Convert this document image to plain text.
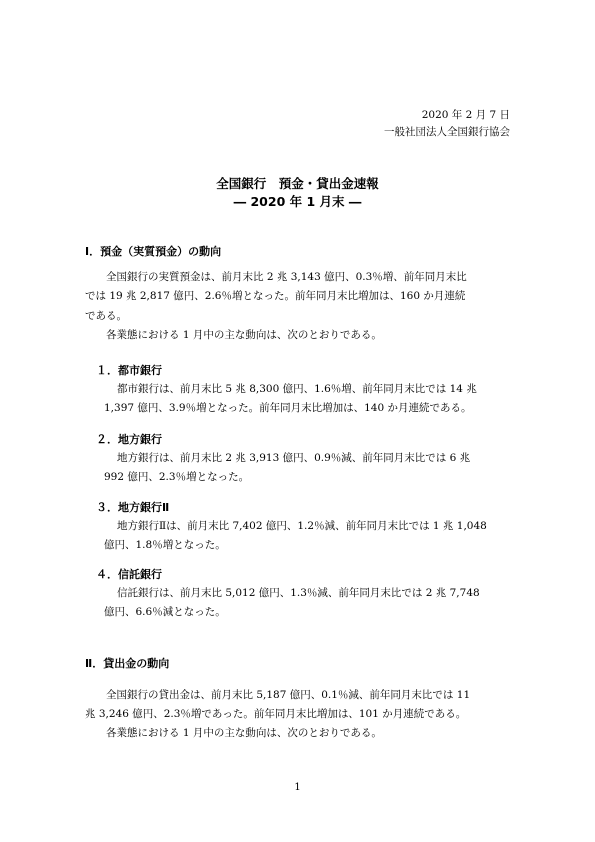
2020 年 2 月 7 日
一般社団法人全国銀行協会
全国銀行　預金・貸出金速報
― 2020 年 1 月末 ―
Ⅰ．預金（実質預金）の動向
全国銀行の実質預金は、前月末比 2 兆 3,143 億円、0.3％増、前年同月末比
では 19 兆 2,817 億円、2.6％増となった。前年同月末比増加は、160 か月連続
である。
各業態における 1 月中の主な動向は、次のとおりである。
１．都市銀行
都市銀行は、前月末比 5 兆 8,300 億円、1.6％増、前年同月末比では 14 兆
1,397 億円、3.9％増となった。前年同月末比増加は、140 か月連続である。
２．地方銀行
地方銀行は、前月末比 2 兆 3,913 億円、0.9％減、前年同月末比では 6 兆
992 億円、2.3％増となった。
３．地方銀行Ⅱ
地方銀行Ⅱは、前月末比 7,402 億円、1.2％減、前年同月末比では 1 兆 1,048
億円、1.8％増となった。
４．信託銀行
信託銀行は、前月末比 5,012 億円、1.3％減、前年同月末比では 2 兆 7,748
億円、6.6％減となった。
Ⅱ．貸出金の動向
全国銀行の貸出金は、前月末比 5,187 億円、0.1％減、前年同月末比では 11
兆 3,246 億円、2.3％増であった。前年同月末比増加は、101 か月連続である。
各業態における 1 月中の主な動向は、次のとおりである。
1
